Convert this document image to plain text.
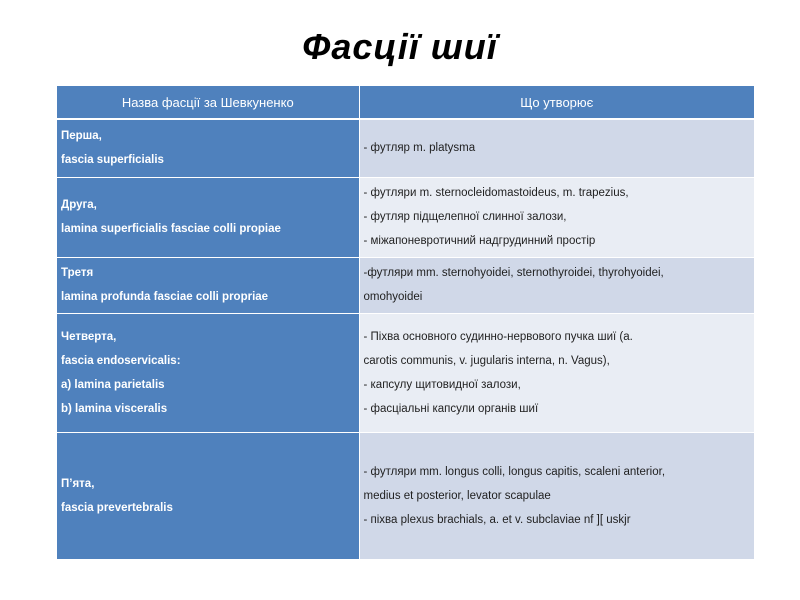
Фасції шиї
Назва фасції за Шевкуненко	Що утворює

Перша,
fascia superficialis	- футляр m. platysma

Друга,
lamina superficialis fasciae colli propiae	- футляри m. sternocleidomastoideus, m. trapezius,
- футляр підщелепної слинної залози,
- міжапоневротичний надгрудинний простір

Третя
lamina profunda fasciae colli propriae	-футляри mm. sternohyoidei, sternothyroidei, thyrohyoidei,
omohyoidei

Четверта,
fascia endoservicalis:
a) lamina parietalis
b) lamina visceralis	- Піхва основного судинно-нервового пучка шиї (a.
carotis communis, v. jugularis interna, n. Vagus),
- капсулу щитовидної залози,
- фасціальні капсули органів шиї

П’ята,
fascia prevertebralis	- футляри mm. longus colli, longus capitis, scaleni anterior,
medius et posterior, levator scapulae
- піхва plexus brachials, a. et v. subclaviae nf ][ uskjr
